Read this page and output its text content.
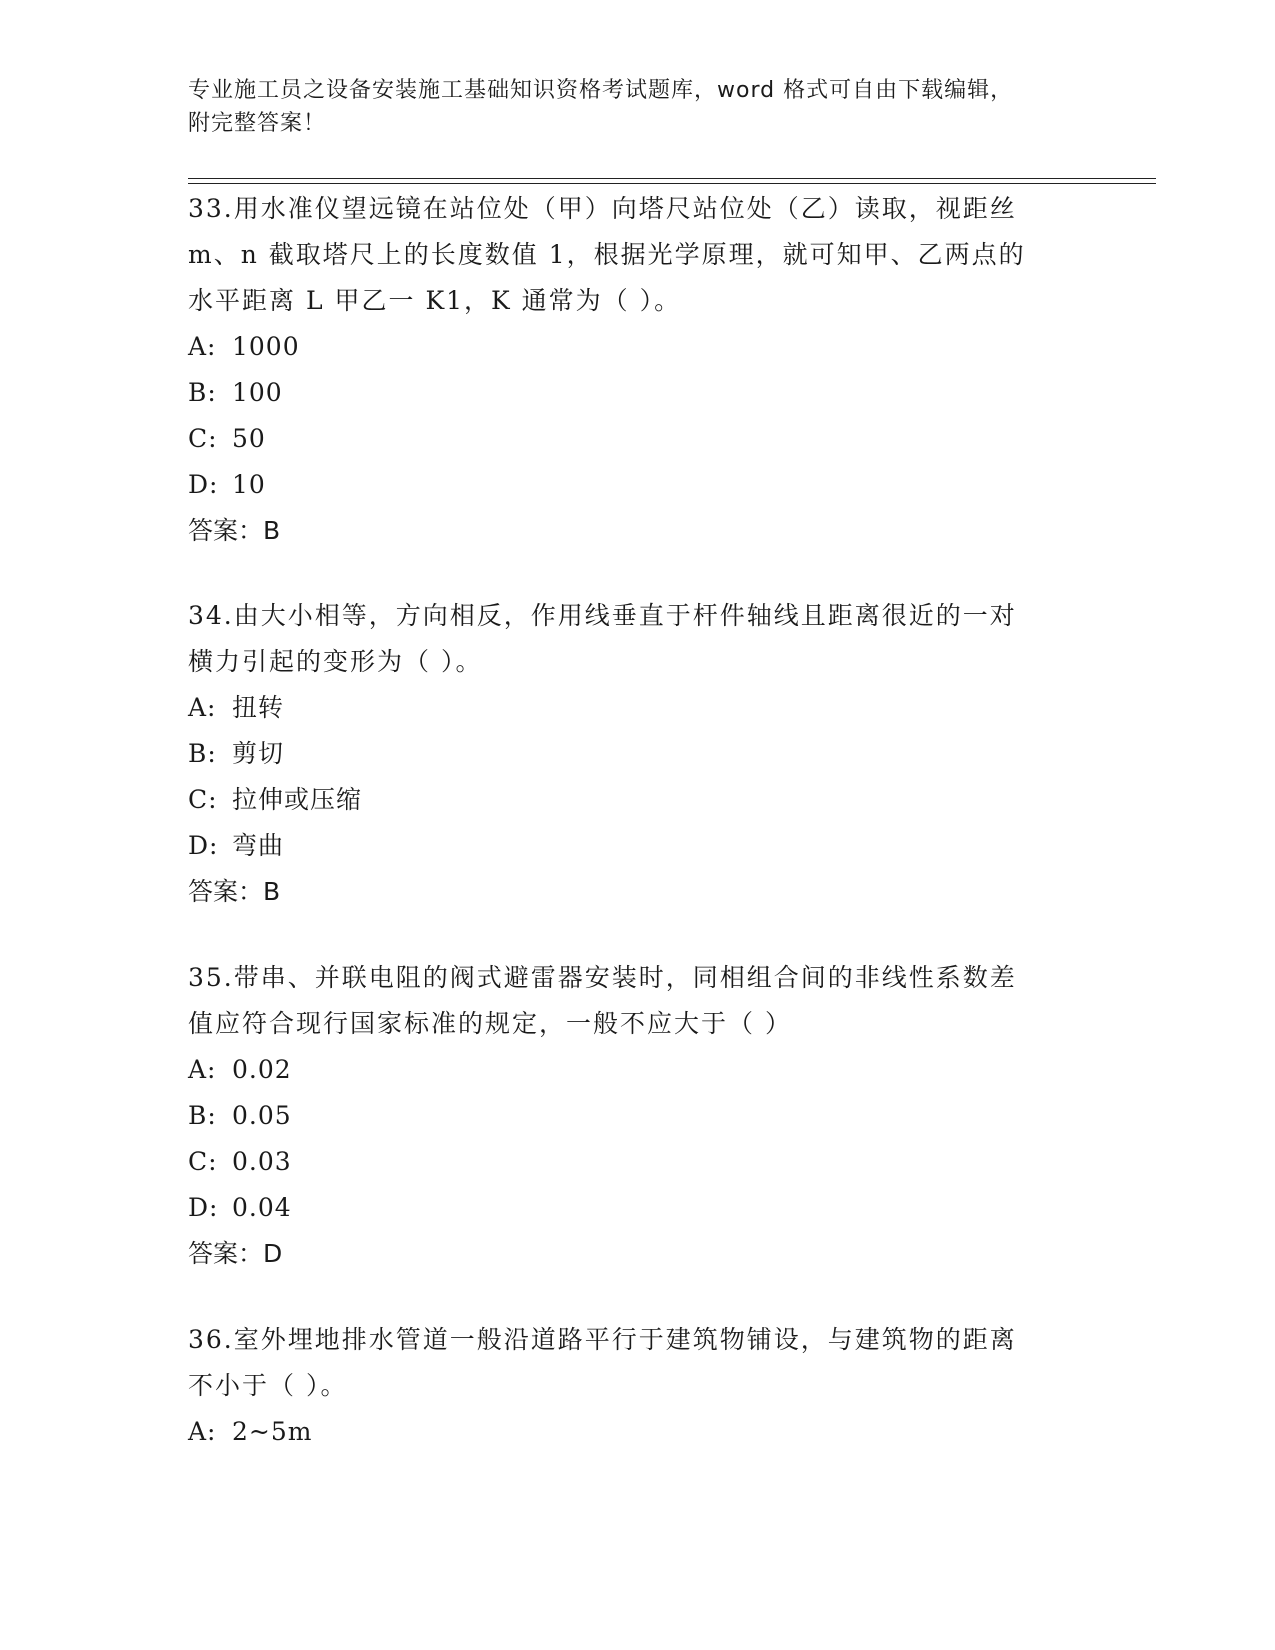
专业施工员之设备安装施工基础知识资格考试题库，word 格式可自由下载编辑，
附完整答案！
33.用水准仪望远镜在站位处（甲）向塔尺站位处（乙）读取，视距丝
m、n 截取塔尺上的长度数值 1，根据光学原理，就可知甲、乙两点的
水平距离 L 甲乙一 K1，K 通常为（ ）。
A: 1000
B: 100
C: 50
D: 10
答案：B
34.由大小相等，方向相反，作用线垂直于杆件轴线且距离很近的一对
横力引起的变形为（ ）。
A: 扭转
B: 剪切
C: 拉伸或压缩
D: 弯曲
答案：B
35.带串、并联电阻的阀式避雷器安装时，同相组合间的非线性系数差
值应符合现行国家标准的规定，一般不应大于（ ）
A: 0.02
B: 0.05
C: 0.03
D: 0.04
答案：D
36.室外埋地排水管道一般沿道路平行于建筑物铺设，与建筑物的距离
不小于（ ）。
A: 2~5m
